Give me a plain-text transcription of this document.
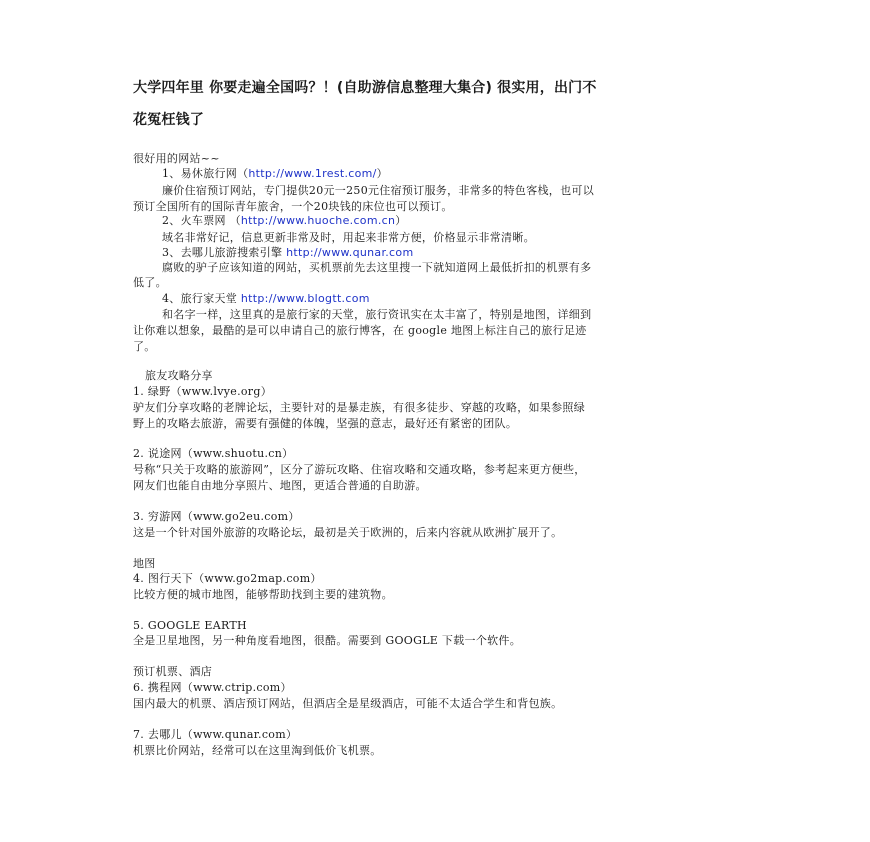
大学四年里 你要走遍全国吗？！(自助游信息整理大集合) 很实用，出门不
花冤枉钱了
很好用的网站~~
1、易休旅行网（http://www.1rest.com/）
廉价住宿预订网站，专门提供20元一250元住宿预订服务，非常多的特色客栈，也可以
预订全国所有的国际青年旅舍，一个20块钱的床位也可以预订。
2、火车票网 （http://www.huoche.com.cn）
域名非常好记，信息更新非常及时，用起来非常方便，价格显示非常清晰。
3、去哪儿旅游搜索引擎 http://www.qunar.com
腐败的驴子应该知道的网站，买机票前先去这里搜一下就知道网上最低折扣的机票有多
低了。
4、旅行家天堂 http://www.blogtt.com
和名字一样，这里真的是旅行家的天堂，旅行资讯实在太丰富了，特别是地图，详细到
让你难以想象，最酷的是可以申请自己的旅行博客，在 google 地图上标注自己的旅行足迹
了。
旅友攻略分享
1. 绿野（www.lvye.org）
驴友们分享攻略的老牌论坛，主要针对的是暴走族，有很多徒步、穿越的攻略，如果参照绿
野上的攻略去旅游，需要有强健的体魄，坚强的意志，最好还有紧密的团队。
2. 说途网（www.shuotu.cn）
号称“只关于攻略的旅游网”，区分了游玩攻略、住宿攻略和交通攻略，参考起来更方便些，
网友们也能自由地分享照片、地图，更适合普通的自助游。
3. 穷游网（www.go2eu.com）
这是一个针对国外旅游的攻略论坛，最初是关于欧洲的，后来内容就从欧洲扩展开了。
地图
4. 图行天下（www.go2map.com）
比较方便的城市地图，能够帮助找到主要的建筑物。
5. GOOGLE EARTH
全是卫星地图，另一种角度看地图，很酷。需要到 GOOGLE 下载一个软件。
预订机票、酒店
6. 携程网（www.ctrip.com）
国内最大的机票、酒店预订网站，但酒店全是星级酒店，可能不太适合学生和背包族。
7. 去哪儿（www.qunar.com）
机票比价网站，经常可以在这里淘到低价飞机票。
